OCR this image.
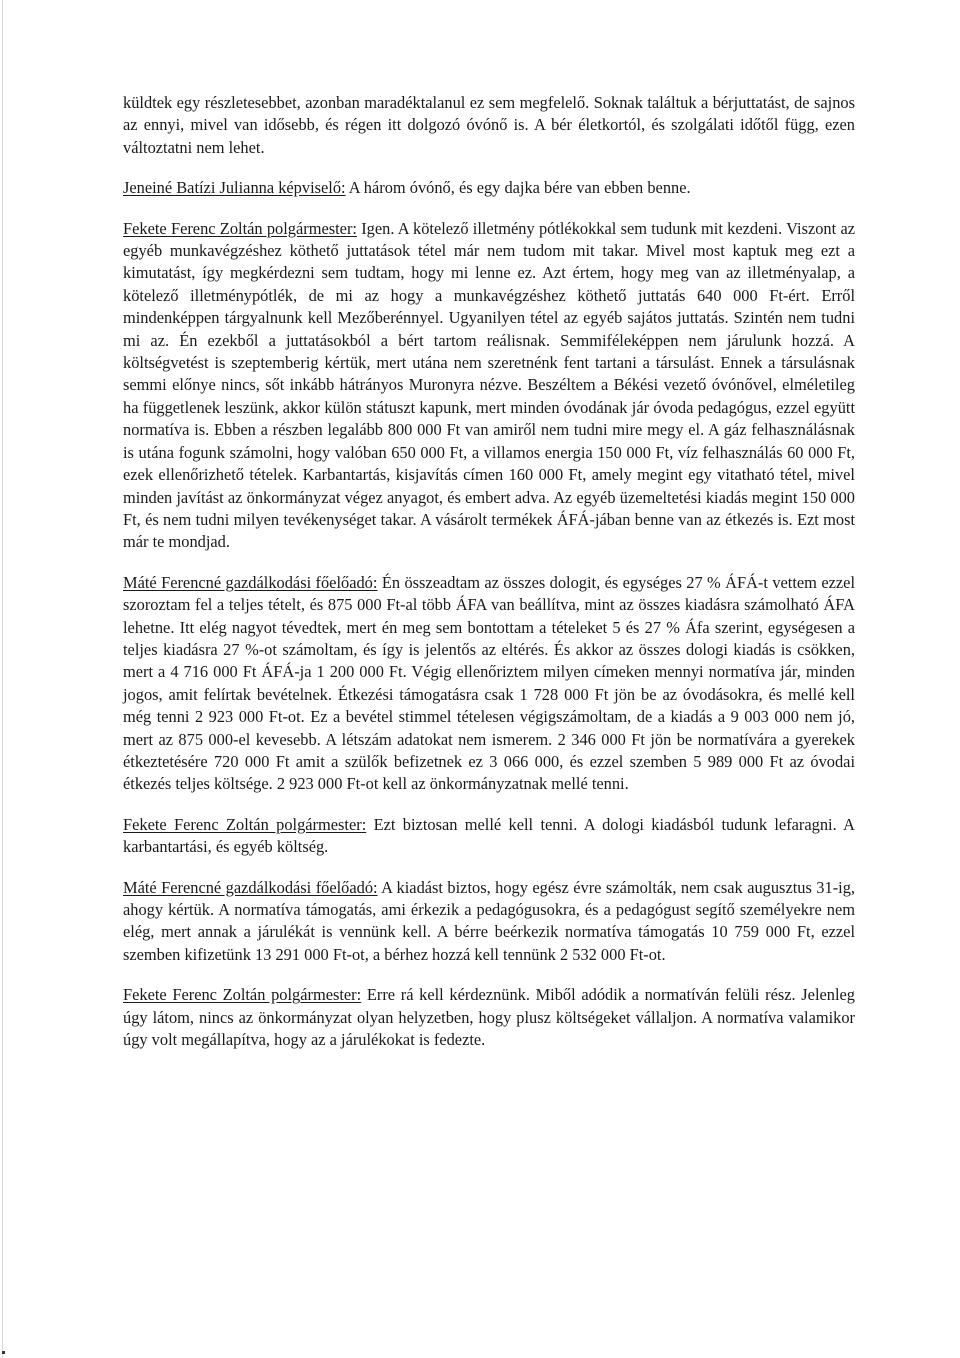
küldtek egy részletesebbet, azonban maradéktalanul ez sem megfelelő. Soknak találtuk a bérjuttatást, de sajnos az ennyi, mivel van idősebb, és régen itt dolgozó óvónő is. A bér életkortól, és szolgálati időtől függ, ezen változtatni nem lehet.

Jeneiné Batízi Julianna képviselő: A három óvónő, és egy dajka bére van ebben benne.

Fekete Ferenc Zoltán polgármester: Igen. A kötelező illetmény pótlékokkal sem tudunk mit kezdeni. Viszont az egyéb munkavégzéshez köthető juttatások tétel már nem tudom mit takar. Mivel most kaptuk meg ezt a kimutatást, így megkérdezni sem tudtam, hogy mi lenne ez. Azt értem, hogy meg van az illetményalap, a kötelező illetménypótlék, de mi az hogy a munkavégzéshez köthető juttatás 640 000 Ft-ért. Erről mindenképpen tárgyalnunk kell Mezőberénnyel. Ugyanilyen tétel az egyéb sajátos juttatás. Szintén nem tudni mi az. Én ezekből a juttatásokból a bért tartom reálisnak. Semmiféleképpen nem járulunk hozzá. A költségvetést is szeptemberig kértük, mert utána nem szeretnénk fent tartani a társulást. Ennek a társulásnak semmi előnye nincs, sőt inkább hátrányos Muronyra nézve. Beszéltem a Békési vezető óvónővel, elméletileg ha függetlenek leszünk, akkor külön státuszt kapunk, mert minden óvodának jár óvoda pedagógus, ezzel együtt normatíva is. Ebben a részben legalább 800 000 Ft van amiről nem tudni mire megy el. A gáz felhasználásnak is utána fogunk számolni, hogy valóban 650 000 Ft, a villamos energia 150 000 Ft, víz felhasználás 60 000 Ft, ezek ellenőrizhető tételek. Karbantartás, kisjavítás címen 160 000 Ft, amely megint egy vitatható tétel, mivel minden javítást az önkormányzat végez anyagot, és embert adva. Az egyéb üzemeltetési kiadás megint 150 000 Ft, és nem tudni milyen tevékenységet takar. A vásárolt termékek ÁFÁ-jában benne van az étkezés is. Ezt most már te mondjad.

Máté Ferencné gazdálkodási főelőadó: Én összeadtam az összes dologit, és egységes 27 % ÁFÁ-t vettem ezzel szoroztam fel a teljes tételt, és 875 000 Ft-al több ÁFA van beállítva, mint az összes kiadásra számolható ÁFA lehetne. Itt elég nagyot tévedtek, mert én meg sem bontottam a tételeket 5 és 27 % Áfa szerint, egységesen a teljes kiadásra 27 %-ot számoltam, és így is jelentős az eltérés. És akkor az összes dologi kiadás is csökken, mert a 4 716 000 Ft ÁFÁ-ja 1 200 000 Ft. Végig ellenőriztem milyen címeken mennyi normatíva jár, minden jogos, amit felírtak bevételnek. Étkezési támogatásra csak 1 728 000 Ft jön be az óvodásokra, és mellé kell még tenni 2 923 000 Ft-ot. Ez a bevétel stimmel tételesen végigszámoltam, de a kiadás a 9 003 000 nem jó, mert az 875 000-el kevesebb. A létszám adatokat nem ismerem. 2 346 000 Ft jön be normatívára a gyerekek étkeztetésére 720 000 Ft amit a szülők befizetnek ez 3 066 000, és ezzel szemben 5 989 000 Ft az óvodai étkezés teljes költsége. 2 923 000 Ft-ot kell az önkormányzatnak mellé tenni.

Fekete Ferenc Zoltán polgármester: Ezt biztosan mellé kell tenni. A dologi kiadásból tudunk lefaragni. A karbantartási, és egyéb költség.

Máté Ferencné gazdálkodási főelőadó: A kiadást biztos, hogy egész évre számolták, nem csak augusztus 31-ig, ahogy kértük. A normatíva támogatás, ami érkezik a pedagógusokra, és a pedagógust segítő személyekre nem elég, mert annak a járulékát is vennünk kell. A bérre beérkezik normatíva támogatás 10 759 000 Ft, ezzel szemben kifizetünk 13 291 000 Ft-ot, a bérhez hozzá kell tennünk 2 532 000 Ft-ot.

Fekete Ferenc Zoltán polgármester: Erre rá kell kérdeznünk. Miből adódik a normatíván felüli rész. Jelenleg úgy látom, nincs az önkormányzat olyan helyzetben, hogy plusz költségeket vállaljon. A normatíva valamikor úgy volt megállapítva, hogy az a járulékokat is fedezte.
